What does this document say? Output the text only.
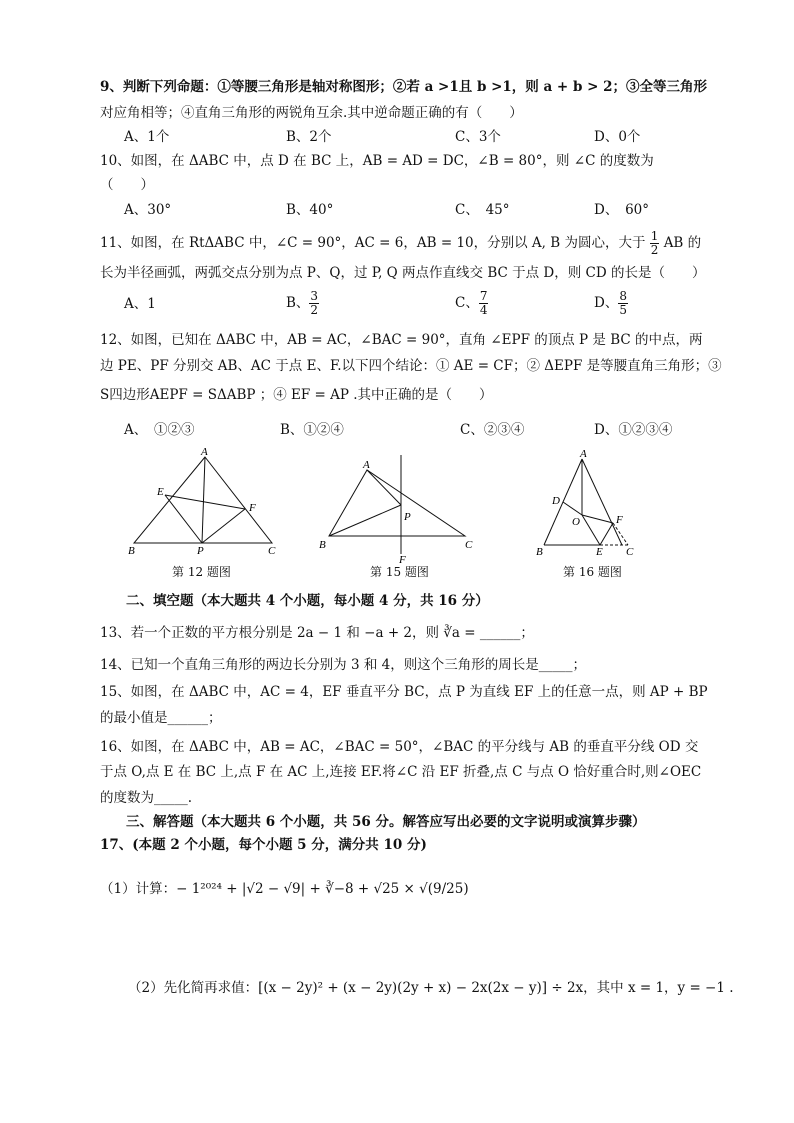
9、判断下列命题：①等腰三角形是轴对称图形；②若 a >1且 b >1，则 a + b > 2；③全等三角形
对应角相等；④直角三角形的两锐角互余.其中逆命题正确的有（　　）
A、1个	B、2个	C、3个	D、0个
10、如图，在 ΔABC 中，点 D 在 BC 上，AB = AD = DC，∠B = 80°，则 ∠C 的度数为
（　　）
A、30°	B、40°	C、　45°	D、　60°
11、如图，在 RtΔABC 中，∠C = 90°，AC = 6，AB = 10，分别以 A, B 为圆心，大于 $\frac{1}{2}$ AB 的
长为半径画弧，两弧交点分别为点 P、Q，过 P, Q 两点作直线交 BC 于点 D，则 CD 的长是（　　）
A、1	B、 $\frac{3}{2}$	C、 $\frac{7}{4}$	D、 $\frac{8}{5}$
12、如图，已知在 ΔABC 中，AB = AC，∠BAC = 90°，直角 ∠EPF 的顶点 P 是 BC 的中点，两
边 PE、PF 分别交 AB、AC 于点 E、F.以下四个结论：① AE = CF；② ΔEPF 是等腰直角三角形；③
S四边形AEPF = SΔABP ；④ EF = AP .其中正确的是（　　）
A、　①②③	B、①②④	C、②③④	D、①②③④
A
B	C
E
F
P
第 12 题图
A
B	C
P
F
第 15 题图
A
B	C
D
O
E
F
第 16 题图
二、填空题（本大题共 4 个小题，每小题 4 分，共 16 分）
13、若一个正数的平方根分别是 2a − 1 和 −a + 2，则 ∛a = ______；
14、已知一个直角三角形的两边长分别为 3 和 4，则这个三角形的周长是_____；
15、如图，在 ΔABC 中，AC = 4，EF 垂直平分 BC，点 P 为直线 EF 上的任意一点，则 AP + BP
的最小值是______；
16、如图，在 ΔABC 中，AB = AC，∠BAC = 50°，∠BAC 的平分线与 AB 的垂直平分线 OD 交
于点 O,点 E 在 BC 上,点 F 在 AC 上,连接 EF.将∠C 沿 EF 折叠,点 C 与点 O 恰好重合时,则∠OEC
的度数为_____.
三、解答题（本大题共 6 个小题，共 56 分。解答应写出必要的文字说明或演算步骤）
17、(本题 2 个小题，每个小题 5 分，满分共 10 分)
（1）计算：− 1²⁰²⁴ + |√2 − √9| + ∛−8 + √25 × √(9/25)
（2）先化简再求值：[(x − 2y)² + (x − 2y)(2y + x) − 2x(2x − y)] ÷ 2x，其中 x = 1，y = −1 .
